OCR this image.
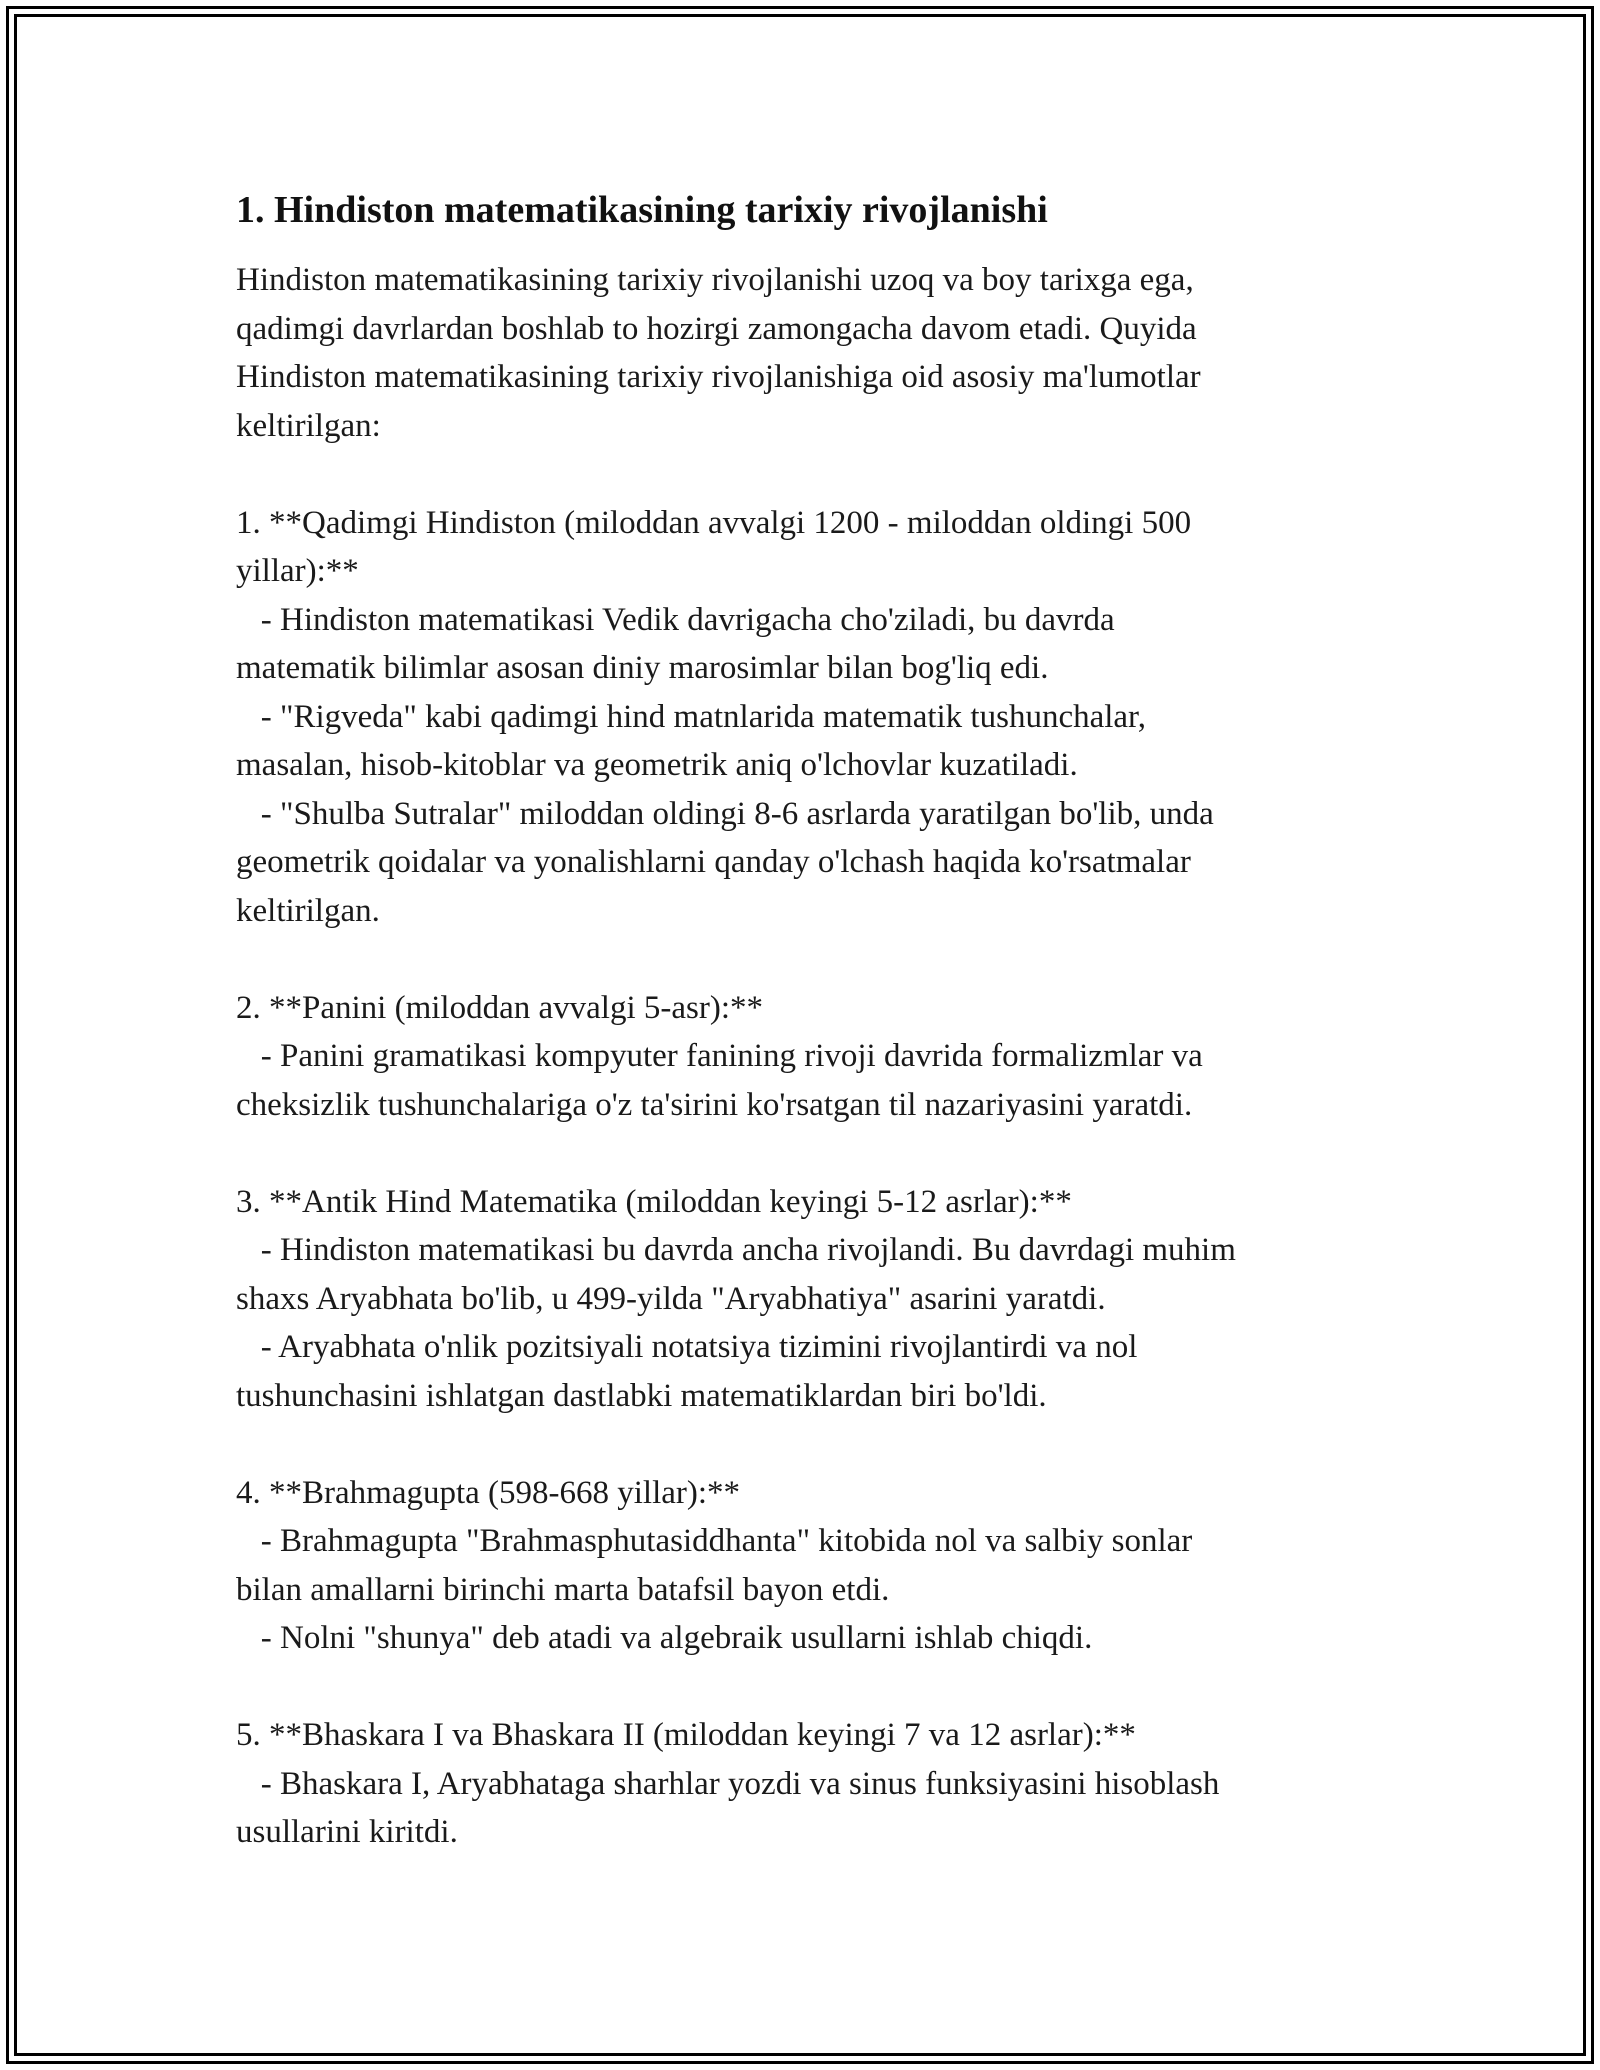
1. Hindiston matematikasining tarixiy rivojlanishi

Hindiston matematikasining tarixiy rivojlanishi uzoq va boy tarixga ega,
qadimgi davrlardan boshlab to hozirgi zamongacha davom etadi. Quyida
Hindiston matematikasining tarixiy rivojlanishiga oid asosiy ma'lumotlar
keltirilgan:

1. **Qadimgi Hindiston (miloddan avvalgi 1200 - miloddan oldingi 500
yillar):**
- Hindiston matematikasi Vedik davrigacha cho'ziladi, bu davrda
matematik bilimlar asosan diniy marosimlar bilan bog'liq edi.
- "Rigveda" kabi qadimgi hind matnlarida matematik tushunchalar,
masalan, hisob-kitoblar va geometrik aniq o'lchovlar kuzatiladi.
- "Shulba Sutralar" miloddan oldingi 8-6 asrlarda yaratilgan bo'lib, unda
geometrik qoidalar va yonalishlarni qanday o'lchash haqida ko'rsatmalar
keltirilgan.

2. **Panini (miloddan avvalgi 5-asr):**
- Panini gramatikasi kompyuter fanining rivoji davrida formalizmlar va
cheksizlik tushunchalariga o'z ta'sirini ko'rsatgan til nazariyasini yaratdi.

3. **Antik Hind Matematika (miloddan keyingi 5-12 asrlar):**
- Hindiston matematikasi bu davrda ancha rivojlandi. Bu davrdagi muhim
shaxs Aryabhata bo'lib, u 499-yilda "Aryabhatiya" asarini yaratdi.
- Aryabhata o'nlik pozitsiyali notatsiya tizimini rivojlantirdi va nol
tushunchasini ishlatgan dastlabki matematiklardan biri bo'ldi.

4. **Brahmagupta (598-668 yillar):**
- Brahmagupta "Brahmasphutasiddhanta" kitobida nol va salbiy sonlar
bilan amallarni birinchi marta batafsil bayon etdi.
- Nolni "shunya" deb atadi va algebraik usullarni ishlab chiqdi.

5. **Bhaskara I va Bhaskara II (miloddan keyingi 7 va 12 asrlar):**
- Bhaskara I, Aryabhataga sharhlar yozdi va sinus funksiyasini hisoblash
usullarini kiritdi.
